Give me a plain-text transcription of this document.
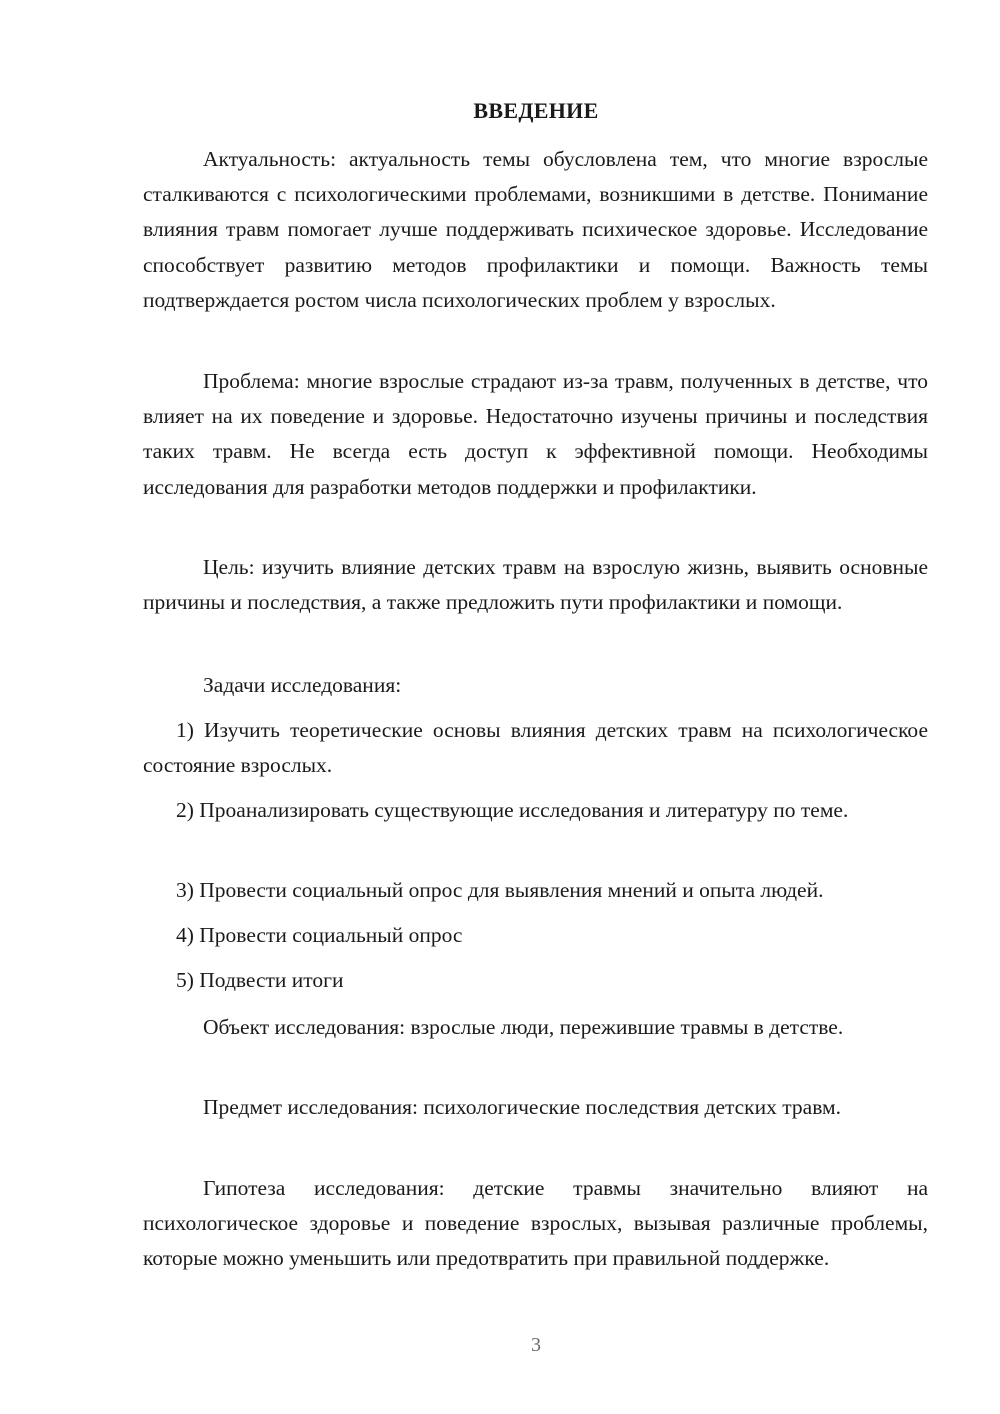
ВВЕДЕНИЕ

Актуальность: актуальность темы обусловлена тем, что многие взрослые сталкиваются с психологическими проблемами, возникшими в детстве. Понимание влияния травм помогает лучше поддерживать психическое здоровье. Исследование способствует развитию методов профилактики и помощи. Важность темы подтверждается ростом числа психологических проблем у взрослых.

Проблема: многие взрослые страдают из-за травм, полученных в детстве, что влияет на их поведение и здоровье. Недостаточно изучены причины и последствия таких травм. Не всегда есть доступ к эффективной помощи. Необходимы исследования для разработки методов поддержки и профилактики.

Цель: изучить влияние детских травм на взрослую жизнь, выявить основные причины и последствия, а также предложить пути профилактики и помощи.

Задачи исследования:

1) Изучить теоретические основы влияния детских травм на психологическое состояние взрослых.

2) Проанализировать существующие исследования и литературу по теме.

3) Провести социальный опрос для выявления мнений и опыта людей.

4) Провести социальный опрос

5) Подвести итоги

Объект исследования: взрослые люди, пережившие травмы в детстве.

Предмет исследования: психологические последствия детских травм.

Гипотеза исследования: детские травмы значительно влияют на психологическое здоровье и поведение взрослых, вызывая различные проблемы, которые можно уменьшить или предотвратить при правильной поддержке.

3
